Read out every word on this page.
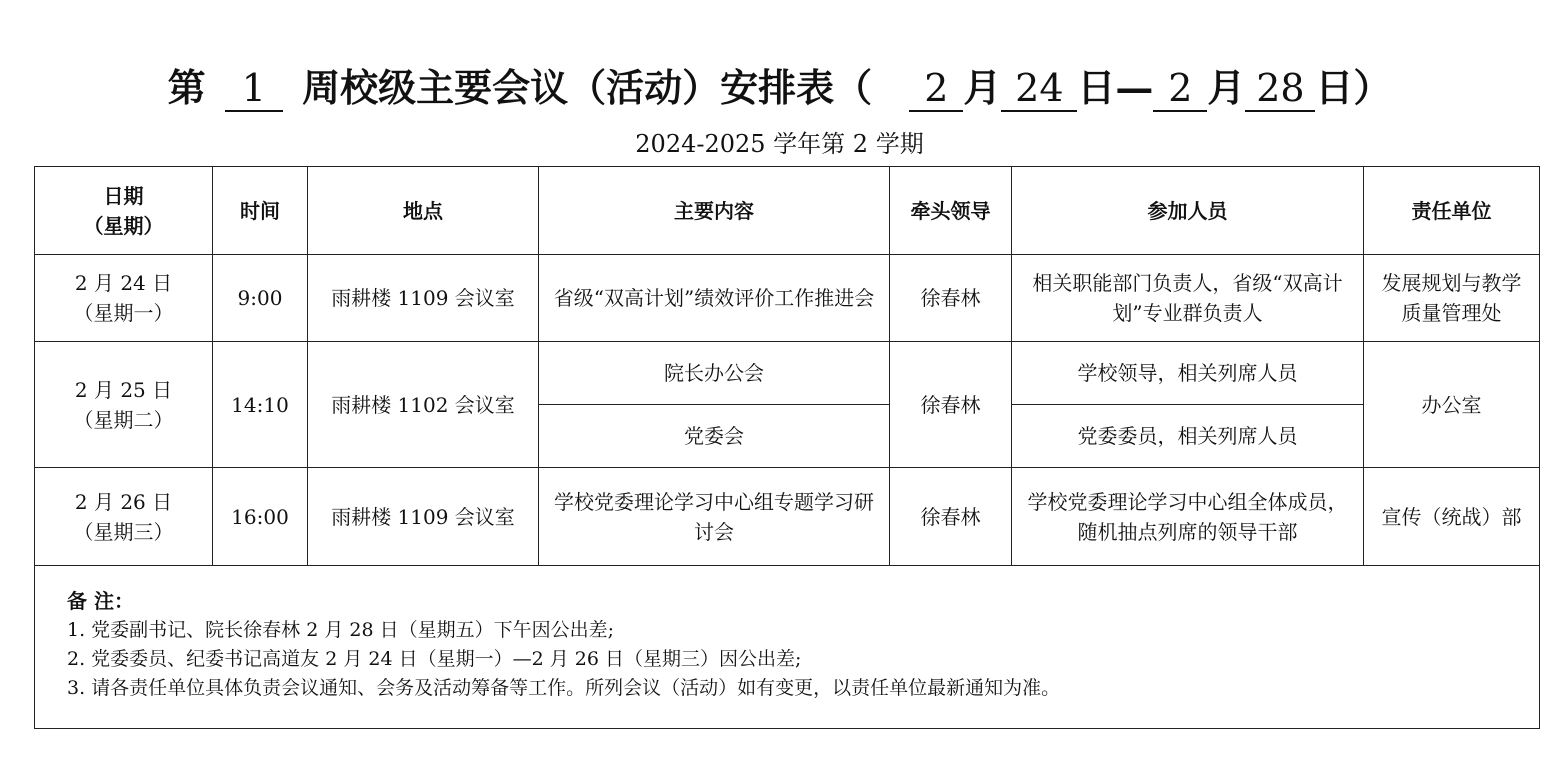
第 1 周校级主要会议（活动）安排表（ 2 月 24 日— 2 月 28 日）
2024-2025 学年第 2 学期
日期
（星期）	时间	地点	主要内容	牵头领导	参加人员	责任单位

2 月 24 日
（星期一）	9:00	雨耕楼 1109 会议室	省级“双高计划”绩效评价工作推进会	徐春林	相关职能部门负责人，省级“双高计划”专业群负责人	发展规划与教学质量管理处

2 月 25 日
（星期二）	14:10	雨耕楼 1102 会议室	院长办公会	徐春林	学校领导，相关列席人员	办公室
			党委会		党委委员，相关列席人员	

2 月 26 日
（星期三）	16:00	雨耕楼 1109 会议室	学校党委理论学习中心组专题学习研讨会	徐春林	学校党委理论学习中心组全体成员，随机抽点列席的领导干部	宣传（统战）部

备 注：
1. 党委副书记、院长徐春林 2 月 28 日（星期五）下午因公出差;
2. 党委委员、纪委书记高道友 2 月 24 日（星期一）—2 月 26 日（星期三）因公出差;
3. 请各责任单位具体负责会议通知、会务及活动筹备等工作。所列会议（活动）如有变更，以责任单位最新通知为准。						
